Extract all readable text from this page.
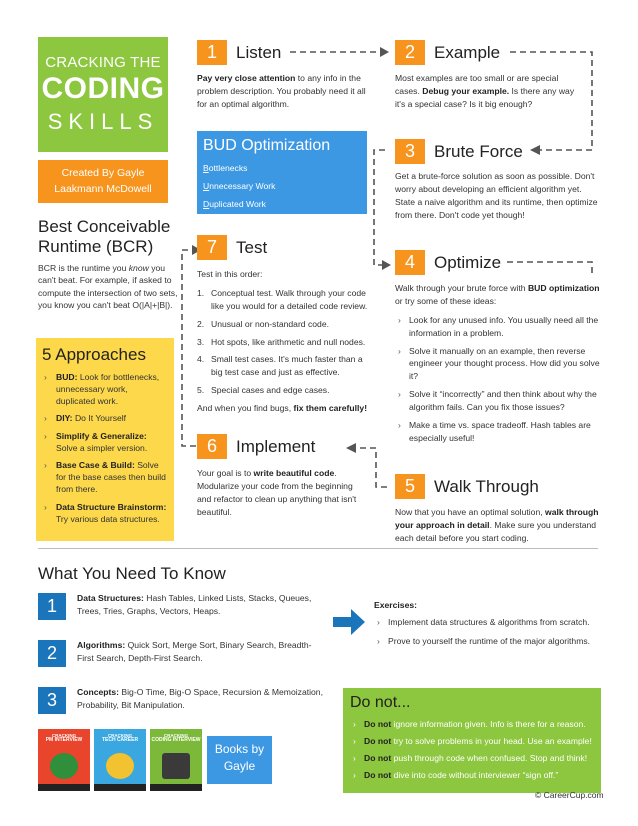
CRACKING THE
CODING
SKILLS
Created By Gayle
Laakmann McDowell
Best Conceivable
Runtime (BCR)
BCR is the runtime you know you can't beat. For example, if asked to compute the intersection of two sets, you know you can't beat O(|A|+|B|).
5 Approaches
› BUD: Look for bottlenecks, unnecessary work, duplicated work.
› DIY: Do It Yourself
› Simplify & Generalize: Solve a simpler version.
› Base Case & Build: Solve for the base cases then build from there.
› Data Structure Brainstorm: Try various data structures.
1	Listen
Pay very close attention to any info in the problem description. You probably need it all for an optimal algorithm.
BUD Optimization
Bottlenecks
Unnecessary Work
Duplicated Work
2	Example
Most examples are too small or are special cases. Debug your example. Is there any way it's a special case? Is it big enough?
3	Brute Force
Get a brute-force solution as soon as possible. Don't worry about developing an efficient algorithm yet. State a naive algorithm and its runtime, then optimize from there. Don't code yet though!
7	Test
Test in this order:
1. Conceptual test. Walk through your code like you would for a detailed code review.
2. Unusual or non-standard code.
3. Hot spots, like arithmetic and null nodes.
4. Small test cases. It's much faster than a big test case and just as effective.
5. Special cases and edge cases.
And when you find bugs, fix them carefully!
4	Optimize
Walk through your brute force with BUD optimization or try some of these ideas:
› Look for any unused info. You usually need all the information in a problem.
› Solve it manually on an example, then reverse engineer your thought process. How did you solve it?
› Solve it “incorrectly” and then think about why the algorithm fails. Can you fix those issues?
› Make a time vs. space tradeoff. Hash tables are especially useful!
6	Implement
Your goal is to write beautiful code. Modularize your code from the beginning and refactor to clean up anything that isn't beautiful.
5	Walk Through
Now that you have an optimal solution, walk through your approach in detail. Make sure you understand each detail before you start coding.
What You Need To Know
1	Data Structures: Hash Tables, Linked Lists, Stacks, Queues, Trees, Tries, Graphs, Vectors, Heaps.
2	Algorithms: Quick Sort, Merge Sort, Binary Search, Breadth-First Search, Depth-First Search.
3	Concepts: Big-O Time, Big-O Space, Recursion & Memoization, Probability, Bit Manipulation.
Exercises:
› Implement data structures & algorithms from scratch.
› Prove to yourself the runtime of the major algorithms.
CRACKING
PM INTERVIEW
CRACKING
TECH CAREER
CRACKING
CODING INTERVIEW
Books by
Gayle
Do not...
› Do not ignore information given. Info is there for a reason.
› Do not try to solve problems in your head. Use an example!
› Do not push through code when confused. Stop and think!
› Do not dive into code without interviewer “sign off.”
© CareerCup.com
